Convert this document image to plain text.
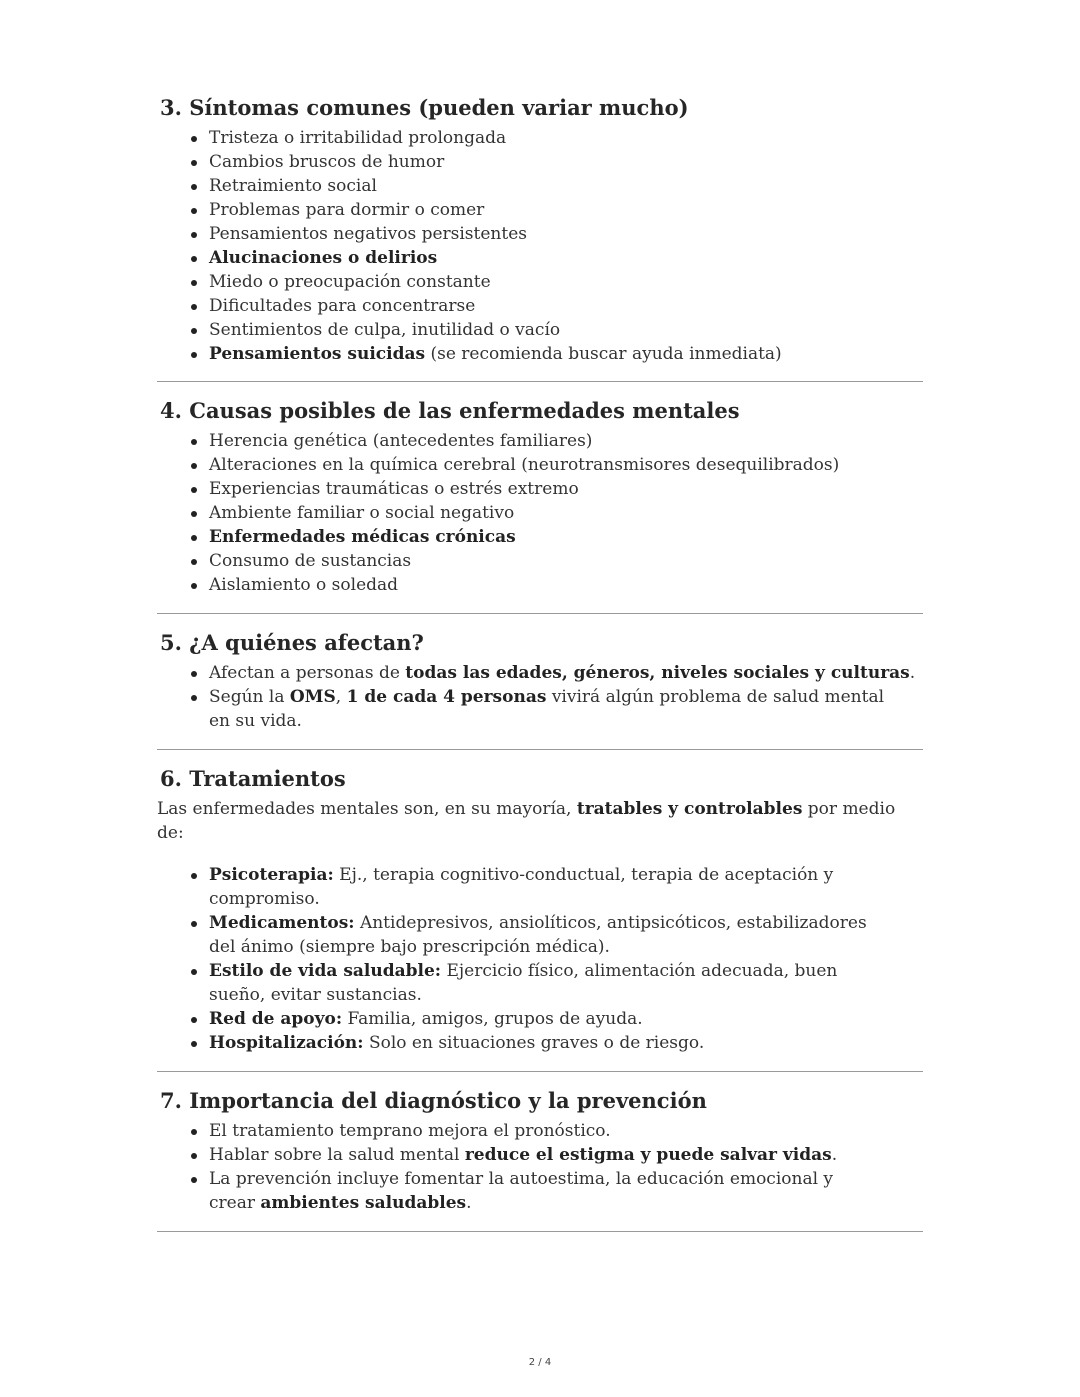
3. Síntomas comunes (pueden variar mucho)
Tristeza o irritabilidad prolongada
Cambios bruscos de humor
Retraimiento social
Problemas para dormir o comer
Pensamientos negativos persistentes
Alucinaciones o delirios
Miedo o preocupación constante
Dificultades para concentrarse
Sentimientos de culpa, inutilidad o vacío
Pensamientos suicidas (se recomienda buscar ayuda inmediata)
4. Causas posibles de las enfermedades mentales
Herencia genética (antecedentes familiares)
Alteraciones en la química cerebral (neurotransmisores desequilibrados)
Experiencias traumáticas o estrés extremo
Ambiente familiar o social negativo
Enfermedades médicas crónicas
Consumo de sustancias
Aislamiento o soledad
5. ¿A quiénes afectan?
Afectan a personas de todas las edades, géneros, niveles sociales y culturas.
Según la OMS, 1 de cada 4 personas vivirá algún problema de salud mental en su vida.
6. Tratamientos

Las enfermedades mentales son, en su mayoría, tratables y controlables por medio de:

Psicoterapia: Ej., terapia cognitivo-conductual, terapia de aceptación y compromiso.
Medicamentos: Antidepresivos, ansiolíticos, antipsicóticos, estabilizadores del ánimo (siempre bajo prescripción médica).
Estilo de vida saludable: Ejercicio físico, alimentación adecuada, buen sueño, evitar sustancias.
Red de apoyo: Familia, amigos, grupos de ayuda.
Hospitalización: Solo en situaciones graves o de riesgo.
7. Importancia del diagnóstico y la prevención
El tratamiento temprano mejora el pronóstico.
Hablar sobre la salud mental reduce el estigma y puede salvar vidas.
La prevención incluye fomentar la autoestima, la educación emocional y crear ambientes saludables.
2 / 4
